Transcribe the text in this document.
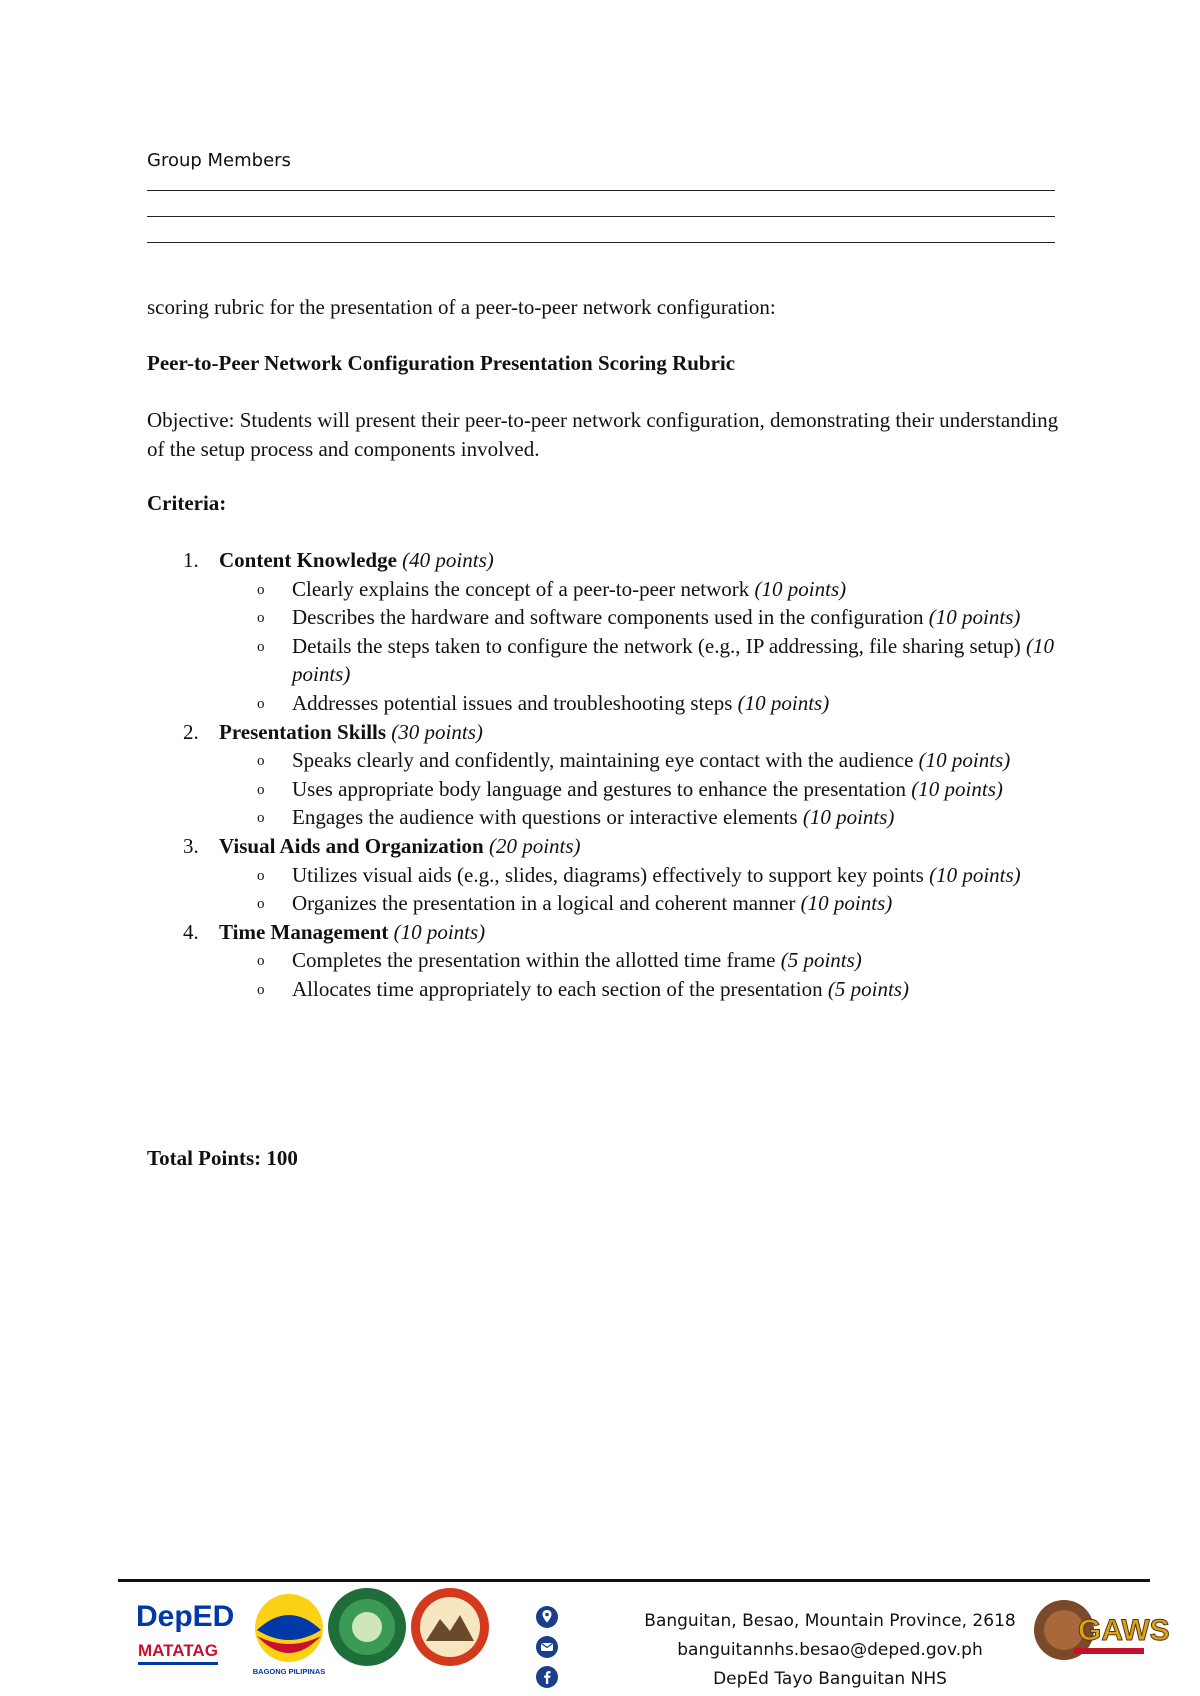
Group Members
scoring rubric for the presentation of a peer-to-peer network configuration:
Peer-to-Peer Network Configuration Presentation Scoring Rubric
Objective: Students will present their peer-to-peer network configuration, demonstrating their understanding of the setup process and components involved.
Criteria:
1. Content Knowledge (40 points)
o Clearly explains the concept of a peer-to-peer network (10 points)
o Describes the hardware and software components used in the configuration (10 points)
o Details the steps taken to configure the network (e.g., IP addressing, file sharing setup) (10 points)
o Addresses potential issues and troubleshooting steps (10 points)
2. Presentation Skills (30 points)
o Speaks clearly and confidently, maintaining eye contact with the audience (10 points)
o Uses appropriate body language and gestures to enhance the presentation (10 points)
o Engages the audience with questions or interactive elements (10 points)
3. Visual Aids and Organization (20 points)
o Utilizes visual aids (e.g., slides, diagrams) effectively to support key points (10 points)
o Organizes the presentation in a logical and coherent manner (10 points)
4. Time Management (10 points)
o Completes the presentation within the allotted time frame (5 points)
o Allocates time appropriately to each section of the presentation (5 points)
Total Points: 100
DepED
MATATAG
BAGONG PILIPINAS
Banguitan, Besao, Mountain Province, 2618
banguitannhs.besao@deped.gov.ph
DepEd Tayo Banguitan NHS
GAWS
